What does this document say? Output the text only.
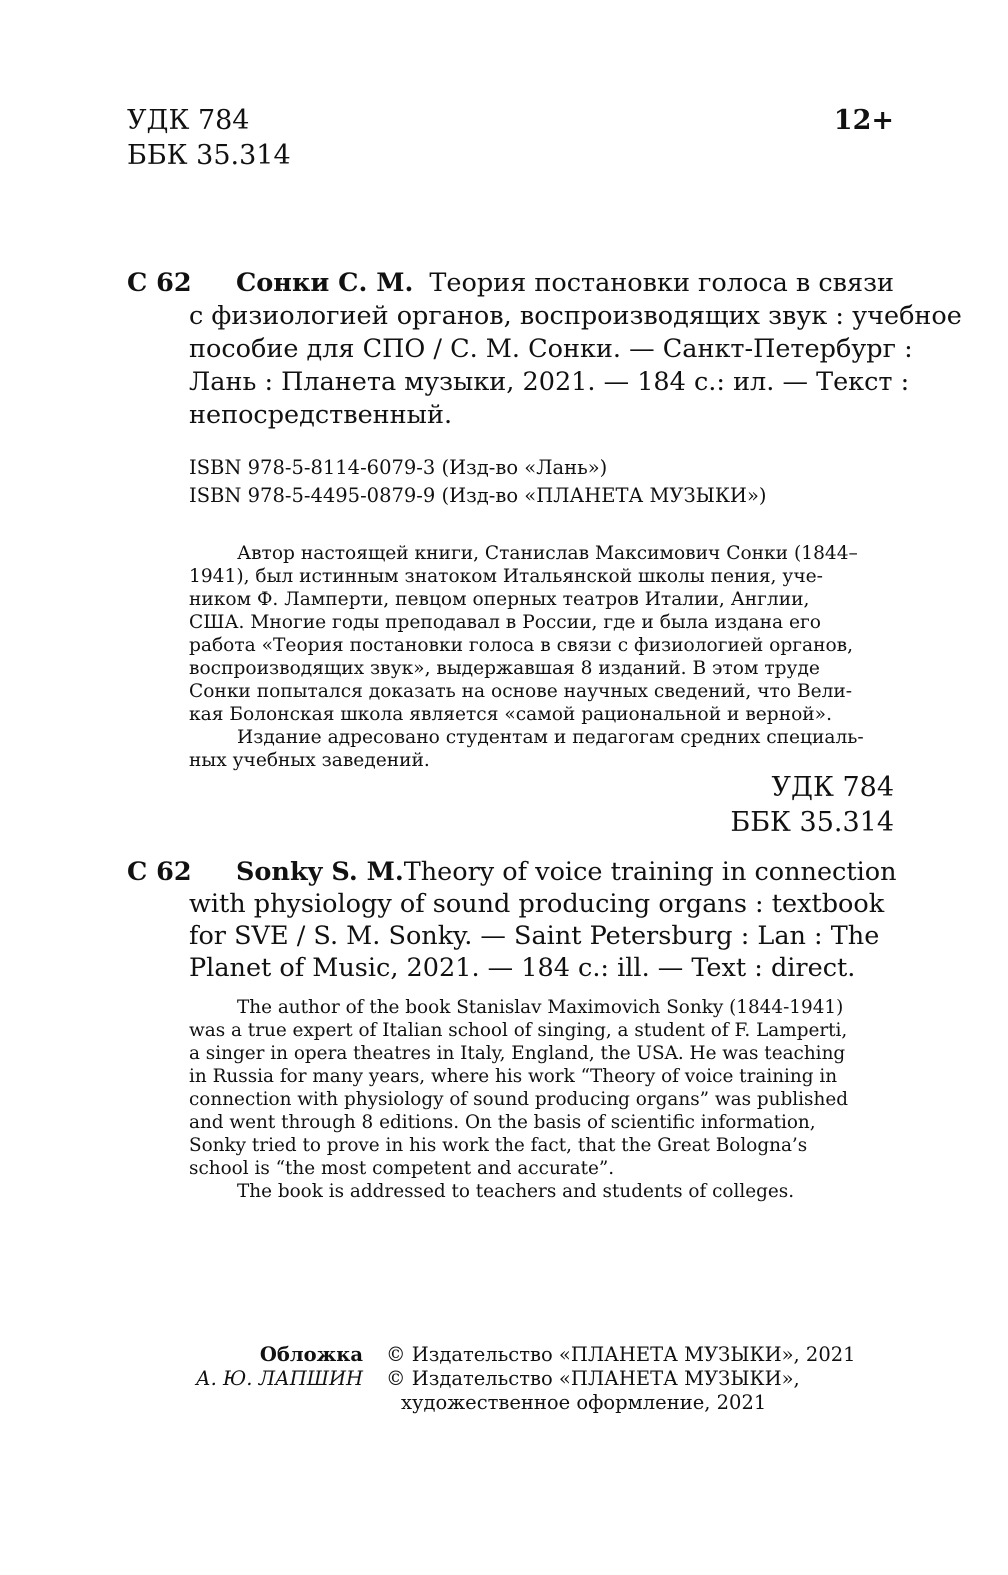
УДК 784
ББК 35.314
12+
С 62 Сонки С. М. Теория постановки голоса в связи
с физиологией органов, воспроизводящих звук : учебное
пособие для СПО / С. М. Сонки. — Санкт-Петербург :
Лань : Планета музыки, 2021. — 184 с.: ил. — Текст :
непосредственный.
ISBN 978-5-8114-6079-3 (Изд-во «Лань»)
ISBN 978-5-4495-0879-9 (Изд-во «ПЛАНЕТА МУЗЫКИ»)
Автор настоящей книги, Станислав Максимович Сонки (1844–
1941), был истинным знатоком Итальянской школы пения, уче-
ником Ф. Ламперти, певцом оперных театров Италии, Англии,
США. Многие годы преподавал в России, где и была издана его
работа «Теория постановки голоса в связи с физиологией органов,
воспроизводящих звук», выдержавшая 8 изданий. В этом труде
Сонки попытался доказать на основе научных сведений, что Вели-
кая Болонская школа является «самой рациональной и верной».
Издание адресовано студентам и педагогам средних специаль-
ных учебных заведений.
УДК 784
ББК 35.314
С 62 Sonky S. M. Theory of voice training in connection
with physiology of sound producing organs : textbook
for SVE / S. M. Sonky. — Saint Petersburg : Lan : The
Planet of Music, 2021. — 184 с.: ill. — Text : direct.
The author of the book Stanislav Maximovich Sonky (1844-1941)
was a true expert of Italian school of singing, a student of F. Lamperti,
a singer in opera theatres in Italy, England, the USA. He was teaching
in Russia for many years, where his work “Theory of voice training in
connection with physiology of sound producing organs” was published
and went through 8 editions. On the basis of scientific information,
Sonky tried to prove in his work the fact, that the Great Bologna’s
school is “the most competent and accurate”.
The book is addressed to teachers and students of colleges.
Обложка
А. Ю. ЛАПШИН
© Издательство «ПЛАНЕТА МУЗЫКИ», 2021
© Издательство «ПЛАНЕТА МУЗЫКИ»,
художественное оформление, 2021
